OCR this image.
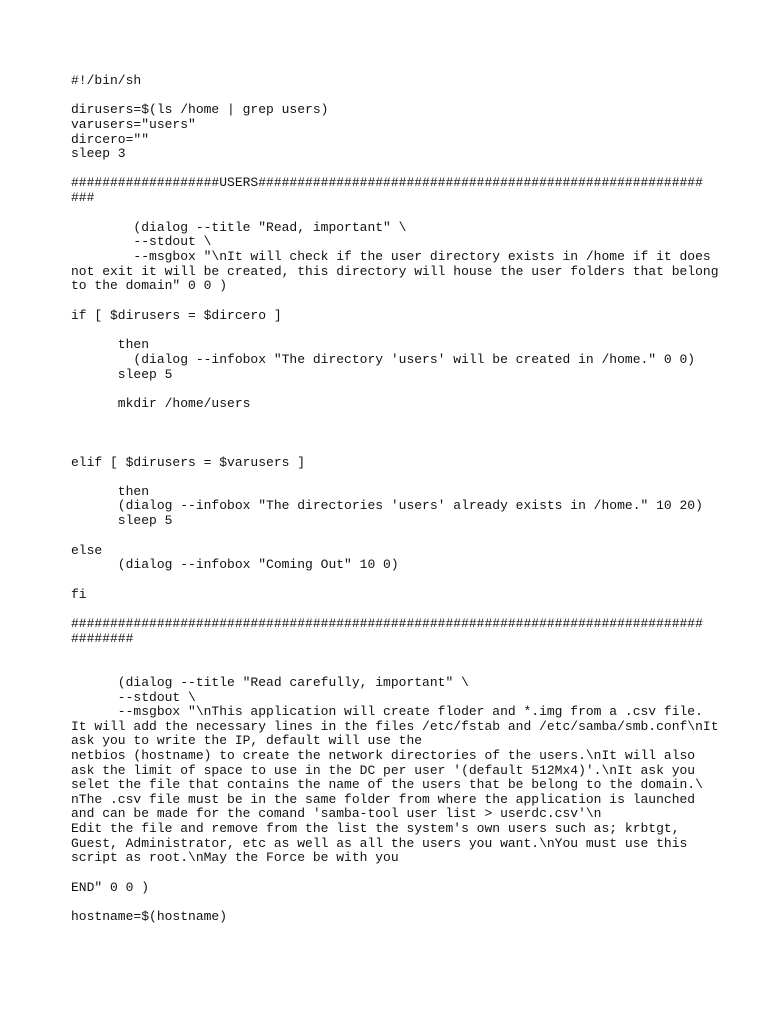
#!/bin/sh
dirusers=$(ls /home | grep users)
varusers="users"
dircero=""
sleep 3
###################USERS#########################################################
###
(dialog --title "Read, important" \
--stdout \
--msgbox "\nIt will check if the user directory exists in /home if it does
not exit it will be created, this directory will house the user folders that belong
to the domain" 0 0 )
if [ $dirusers = $dircero ]
then
(dialog --infobox "The directory 'users' will be created in /home." 0 0)
sleep 5
mkdir /home/users
elif [ $dirusers = $varusers ]
then
(dialog --infobox "The directories 'users' already exists in /home." 10 20)
sleep 5
else
(dialog --infobox "Coming Out" 10 0)
fi
#################################################################################
########
(dialog --title "Read carefully, important" \
--stdout \
--msgbox "\nThis application will create floder and *.img from a .csv file.
It will add the necessary lines in the files /etc/fstab and /etc/samba/smb.conf\nIt
ask you to write the IP, default will use the
netbios (hostname) to create the network directories of the users.\nIt will also
ask the limit of space to use in the DC per user '(default 512Mx4)'.\nIt ask you
selet the file that contains the name of the users that be belong to the domain.\
nThe .csv file must be in the same folder from where the application is launched
and can be made for the comand 'samba-tool user list > userdc.csv'\n
Edit the file and remove from the list the system's own users such as; krbtgt,
Guest, Administrator, etc as well as all the users you want.\nYou must use this
script as root.\nMay the Force be with you
END" 0 0 )
hostname=$(hostname)
